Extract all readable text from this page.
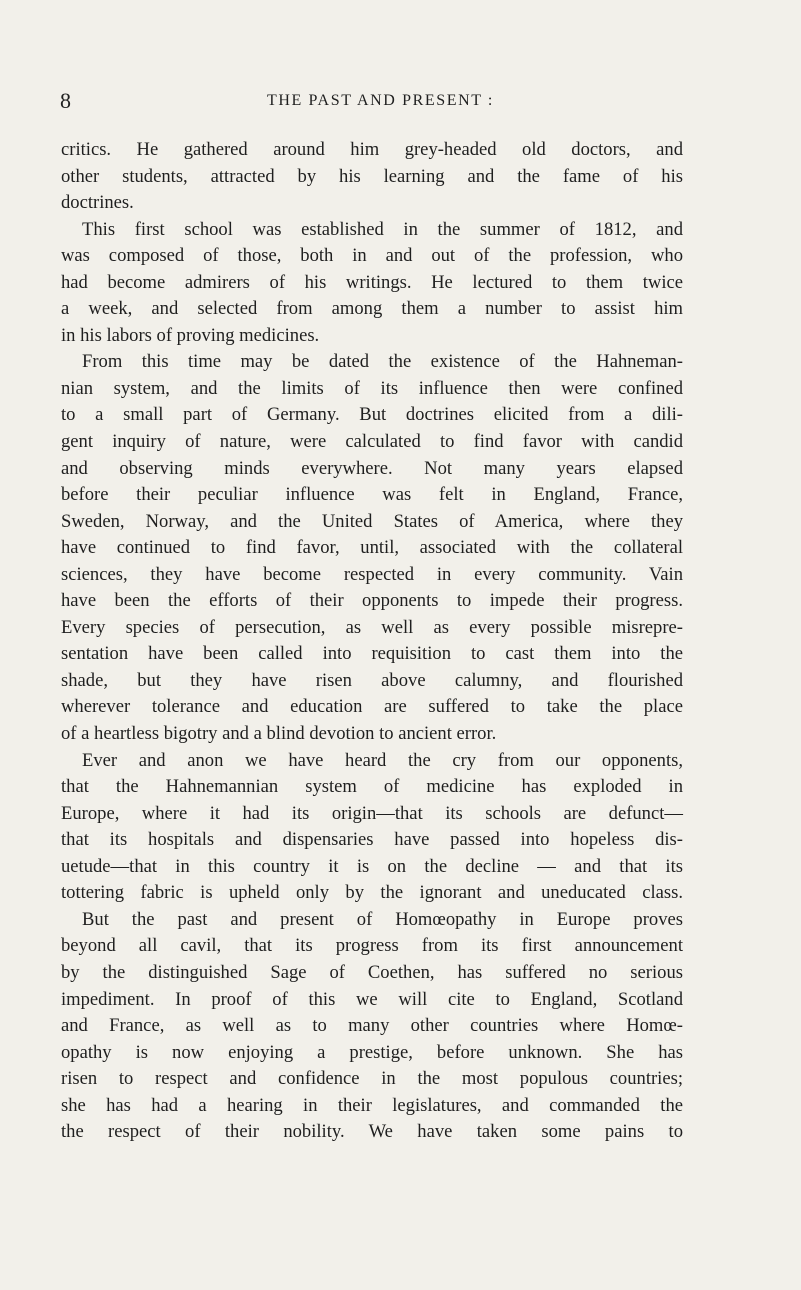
8	THE PAST AND PRESENT :
critics. He gathered around him grey-headed old doctors, and
other students, attracted by his learning and the fame of his
doctrines.
This first school was established in the summer of 1812, and
was composed of those, both in and out of the profession, who
had become admirers of his writings. He lectured to them twice
a week, and selected from among them a number to assist him
in his labors of proving medicines.
From this time may be dated the existence of the Hahneman-
nian system, and the limits of its influence then were confined
to a small part of Germany. But doctrines elicited from a dili-
gent inquiry of nature, were calculated to find favor with candid
and observing minds everywhere. Not many years elapsed
before their peculiar influence was felt in England, France,
Sweden, Norway, and the United States of America, where they
have continued to find favor, until, associated with the collateral
sciences, they have become respected in every community. Vain
have been the efforts of their opponents to impede their progress.
Every species of persecution, as well as every possible misrepre-
sentation have been called into requisition to cast them into the
shade, but they have risen above calumny, and flourished
wherever tolerance and education are suffered to take the place
of a heartless bigotry and a blind devotion to ancient error.
Ever and anon we have heard the cry from our opponents,
that the Hahnemannian system of medicine has exploded in
Europe, where it had its origin—that its schools are defunct—
that its hospitals and dispensaries have passed into hopeless dis-
uetude—that in this country it is on the decline — and that its
tottering fabric is upheld only by the ignorant and uneducated class.
But the past and present of Homœopathy in Europe proves
beyond all cavil, that its progress from its first announcement
by the distinguished Sage of Coethen, has suffered no serious
impediment. In proof of this we will cite to England, Scotland
and France, as well as to many other countries where Homœ-
opathy is now enjoying a prestige, before unknown. She has
risen to respect and confidence in the most populous countries;
she has had a hearing in their legislatures, and commanded the
the respect of their nobility. We have taken some pains to
